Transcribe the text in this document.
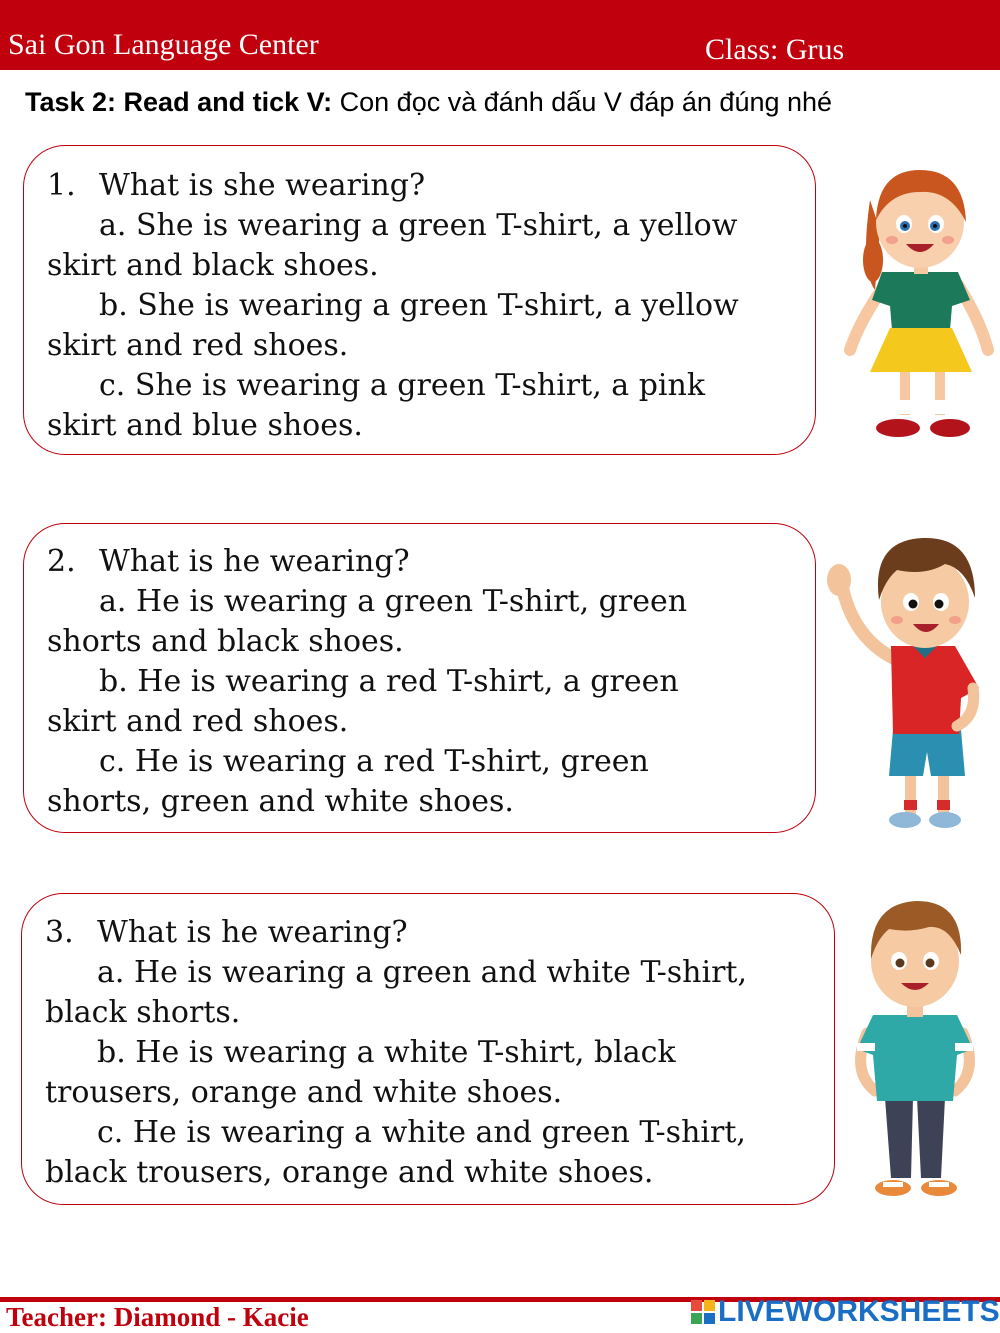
Sai Gon Language Center	Class: Grus
Task 2: Read and tick V: Con đọc và đánh dấu V đáp án đúng nhé

1. What is she wearing?

a. She is wearing a green T-shirt, a yellow

skirt and black shoes.

b. She is wearing a green T-shirt, a yellow

skirt and red shoes.

c. She is wearing a green T-shirt, a pink

skirt and blue shoes.

2. What is he wearing?

a. He is wearing a green T-shirt, green

shorts and black shoes.

b. He is wearing a red T-shirt, a green

skirt and red shoes.

c. He is wearing a red T-shirt, green

shorts, green and white shoes.

3. What is he wearing?

a. He is wearing a green and white T-shirt,

black shorts.

b. He is wearing a white T-shirt, black

trousers, orange and white shoes.

c. He is wearing a white and green T-shirt,

black trousers, orange and white shoes.

Teacher: Diamond - Kacie	LIVEWORKSHEETS
